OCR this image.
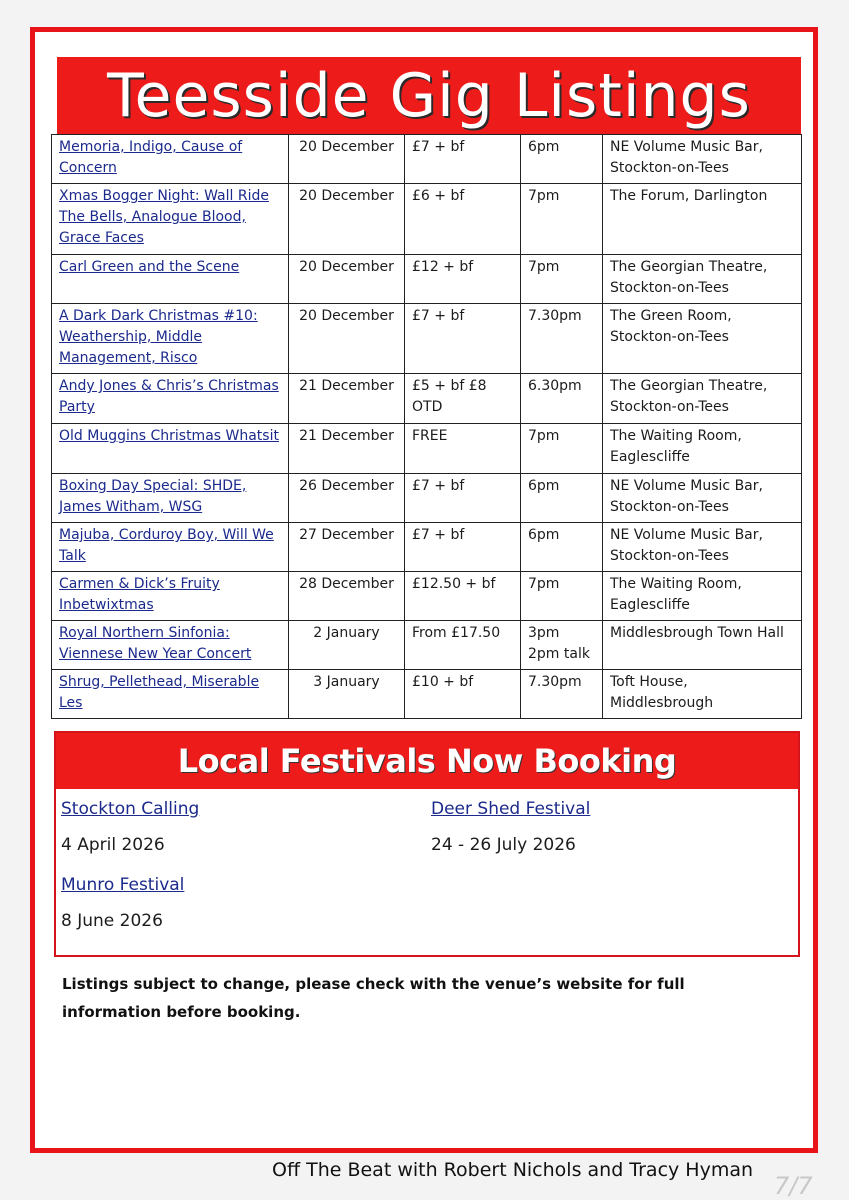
Teesside Gig Listings
Memoria, Indigo, Cause of Concern	20 December	£7 + bf	6pm	NE Volume Music Bar, Stockton-on-Tees
Xmas Bogger Night: Wall Ride The Bells, Analogue Blood, Grace Faces	20 December	£6 + bf	7pm	The Forum, Darlington
Carl Green and the Scene	20 December	£12 + bf	7pm	The Georgian Theatre, Stockton-on-Tees
A Dark Dark Christmas #10: Weathership, Middle Management, Risco	20 December	£7 + bf	7.30pm	The Green Room, Stockton-on-Tees
Andy Jones & Chris’s Christmas Party	21 December	£5 + bf £8 OTD	6.30pm	The Georgian Theatre, Stockton-on-Tees
Old Muggins Christmas Whatsit	21 December	FREE	7pm	The Waiting Room, Eaglescliffe
Boxing Day Special: SHDE, James Witham, WSG	26 December	£7 + bf	6pm	NE Volume Music Bar, Stockton-on-Tees
Majuba, Corduroy Boy, Will We Talk	27 December	£7 + bf	6pm	NE Volume Music Bar, Stockton-on-Tees
Carmen & Dick’s Fruity Inbetwixtmas	28 December	£12.50 + bf	7pm	The Waiting Room, Eaglescliffe
Royal Northern Sinfonia: Viennese New Year Concert	2 January	From £17.50	3pm 2pm talk	Middlesbrough Town Hall
Shrug, Pellethead, Miserable Les	3 January	£10 + bf	7.30pm	Toft House, Middlesbrough
Local Festivals Now Booking
Stockton Calling
4 April 2026
Deer Shed Festival
24 - 26 July 2026
Munro Festival
8 June 2026
Listings subject to change, please check with the venue’s website for full information before booking.
Off The Beat with Robert Nichols and Tracy Hyman
7/7
